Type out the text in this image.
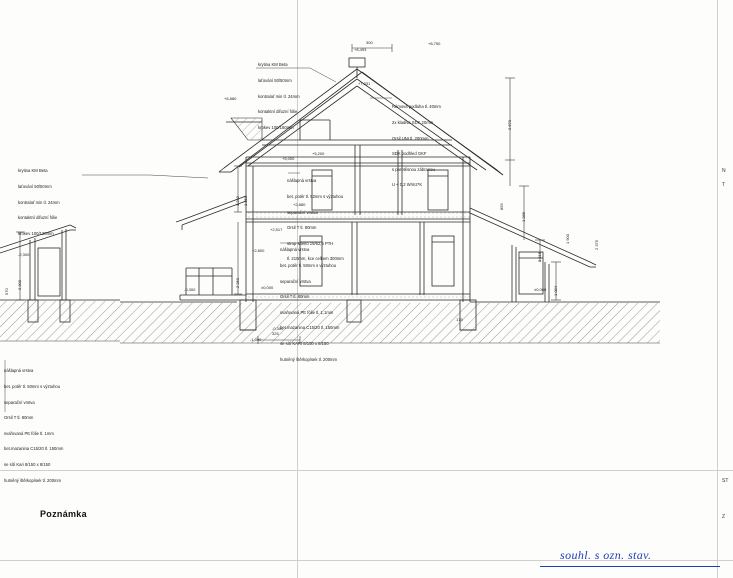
krytina KM Beta

laťování 50/50mm

kontralať min tl. 24mm

kontaktní difuzní fólie

krokev 100/160mm

krytina KM Beta

laťování 50/50mm

kontralať min tl. 24mm

kontaktní difuzní fólie

krokev 100/120mm

Rámová podlaha tl. 40mm

2x kladiva SDK 20mm

Orsil UNI tl. 200mm

SDK podhled GKF

s parotěsnou zábranou

U < 0,2 W/m2*K

nášlapná vrstva

bet. potěr tl. 52mm s výztuhou

separační vrstva

Orsil T tl. 80mm

strop Mieko 19/62,5 PTH

tl. 210mm, kce celkem 300mm

nášlapná vrstva

bet. potěr tl. 50mm s výztuhou

separační vrstva

Orsil T tl. 80mm

svařovaná PE fólie tl. 1,1mm

bet.mazanina C15/20 tl. 150mm

se sítí KARI 8/150 x 8/150

hutněný štěrkopísek tl. 200mm

nášlapná vrstva

bet. potěr tl. 50mm s výztuhou

separační vrstva

Orsil T tl. 80mm

svařovaná PE fólie tl. 1mm

bet.mazanina C15/20 tl. 150mm

se sítí Kari 8/150 x 8/150

hutněný štěrkopísek tl. 200mm

+8,493
+8,750
+7,331
+6,880
+5,200
+5,000
+2,880
+2,517
+2,800
±0,000
-0,300	±0,000
-2,300
-0,300
-1,000
2 670
1 285
2 615
1 084
1 900
1 232 1 350
2 250
2 300
300
325
175
855
2 375
570
Poznámka
souhl. s ozn. stav.
N
T
ST
Z
